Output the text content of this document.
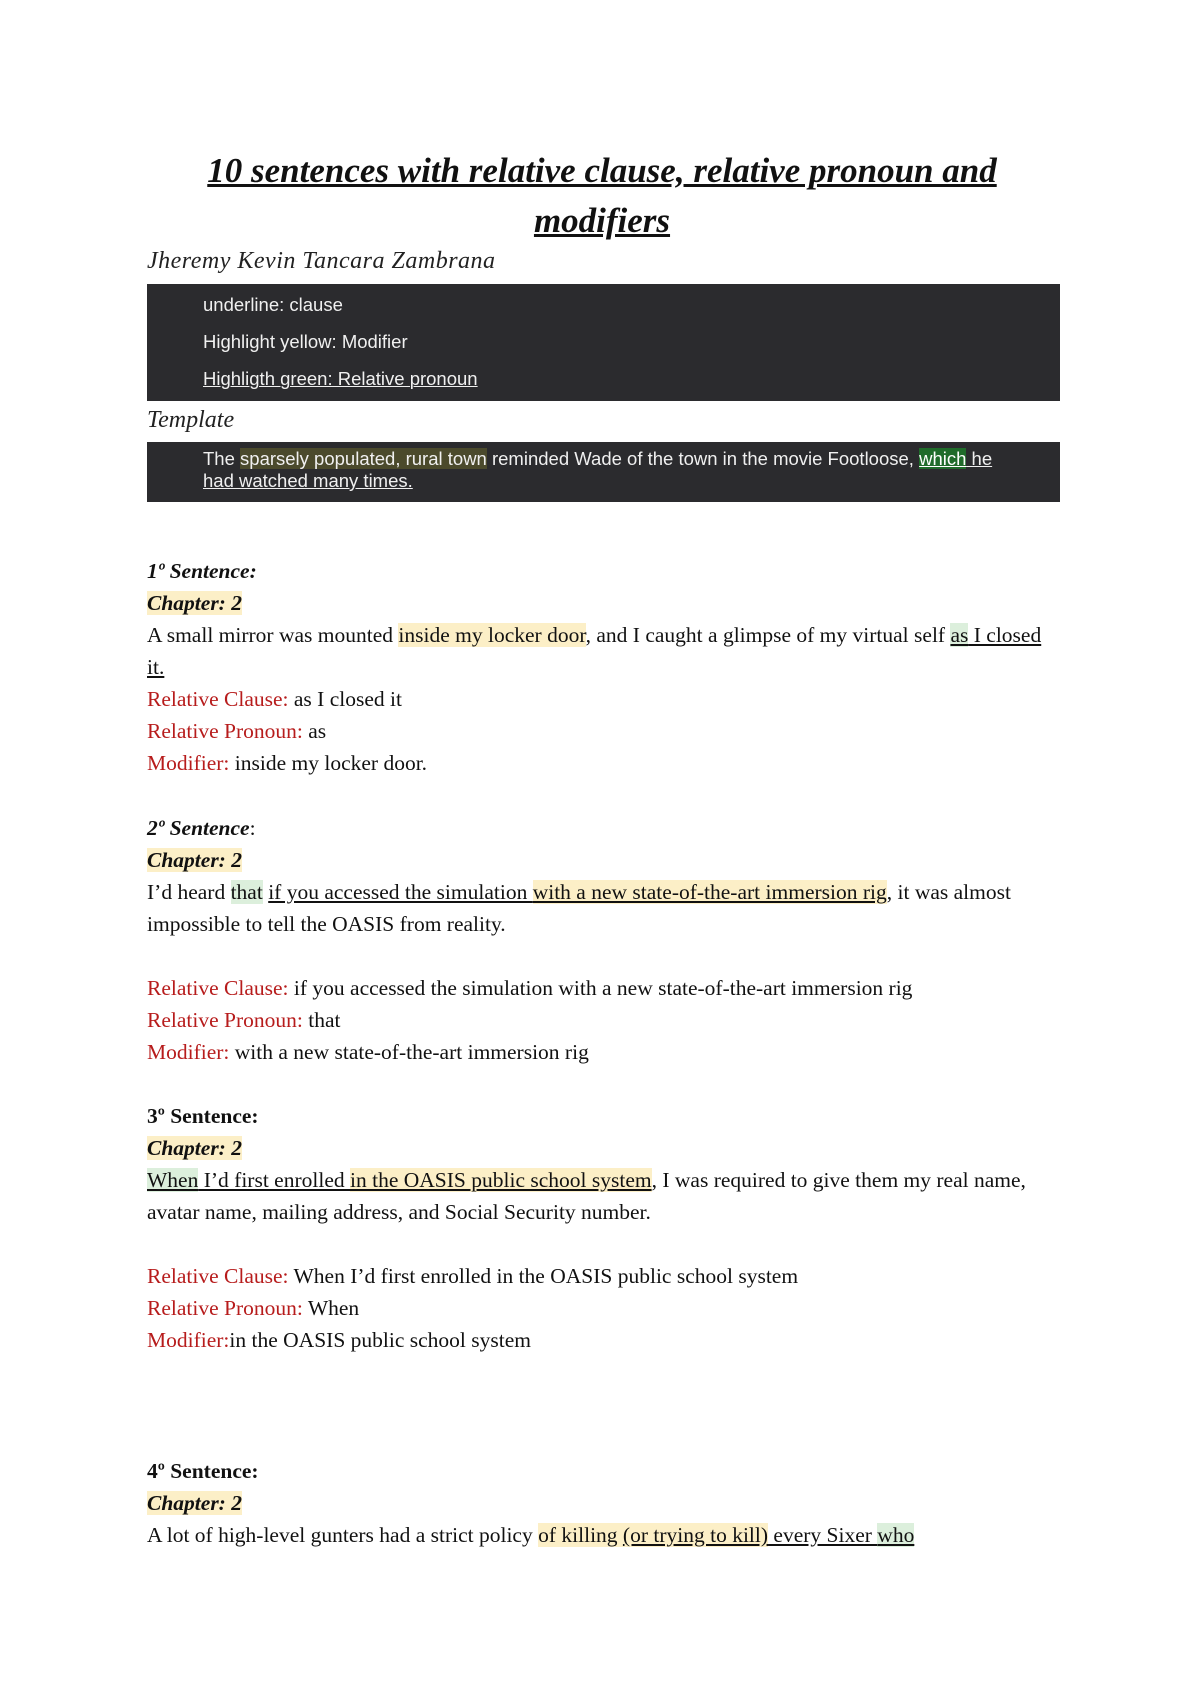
10 sentences with relative clause, relative pronoun and modifiers
Jheremy Kevin Tancara Zambrana
underline: clause
Highlight yellow: Modifier
Highligth green: Relative pronoun
Template
The sparsely populated, rural town reminded Wade of the town in the movie Footloose, which he had watched many times.

1º Sentence:

Chapter: 2

A small mirror was mounted inside my locker door, and I caught a glimpse of my virtual self as I closed it.

Relative Clause: as I closed it

Relative Pronoun: as

Modifier: inside my locker door.

2º Sentence:

Chapter: 2

I’d heard that if you accessed the simulation with a new state-of-the-art immersion rig, it was almost impossible to tell the OASIS from reality.

Relative Clause: if you accessed the simulation with a new state-of-the-art immersion rig

Relative Pronoun: that

Modifier: with a new state-of-the-art immersion rig

3º Sentence:

Chapter: 2

When I’d first enrolled in the OASIS public school system, I was required to give them my real name, avatar name, mailing address, and Social Security number.

Relative Clause: When I’d first enrolled in the OASIS public school system

Relative Pronoun: When

Modifier:in the OASIS public school system

4º Sentence:

Chapter: 2

A lot of high-level gunters had a strict policy of killing (or trying to kill) every Sixer who
